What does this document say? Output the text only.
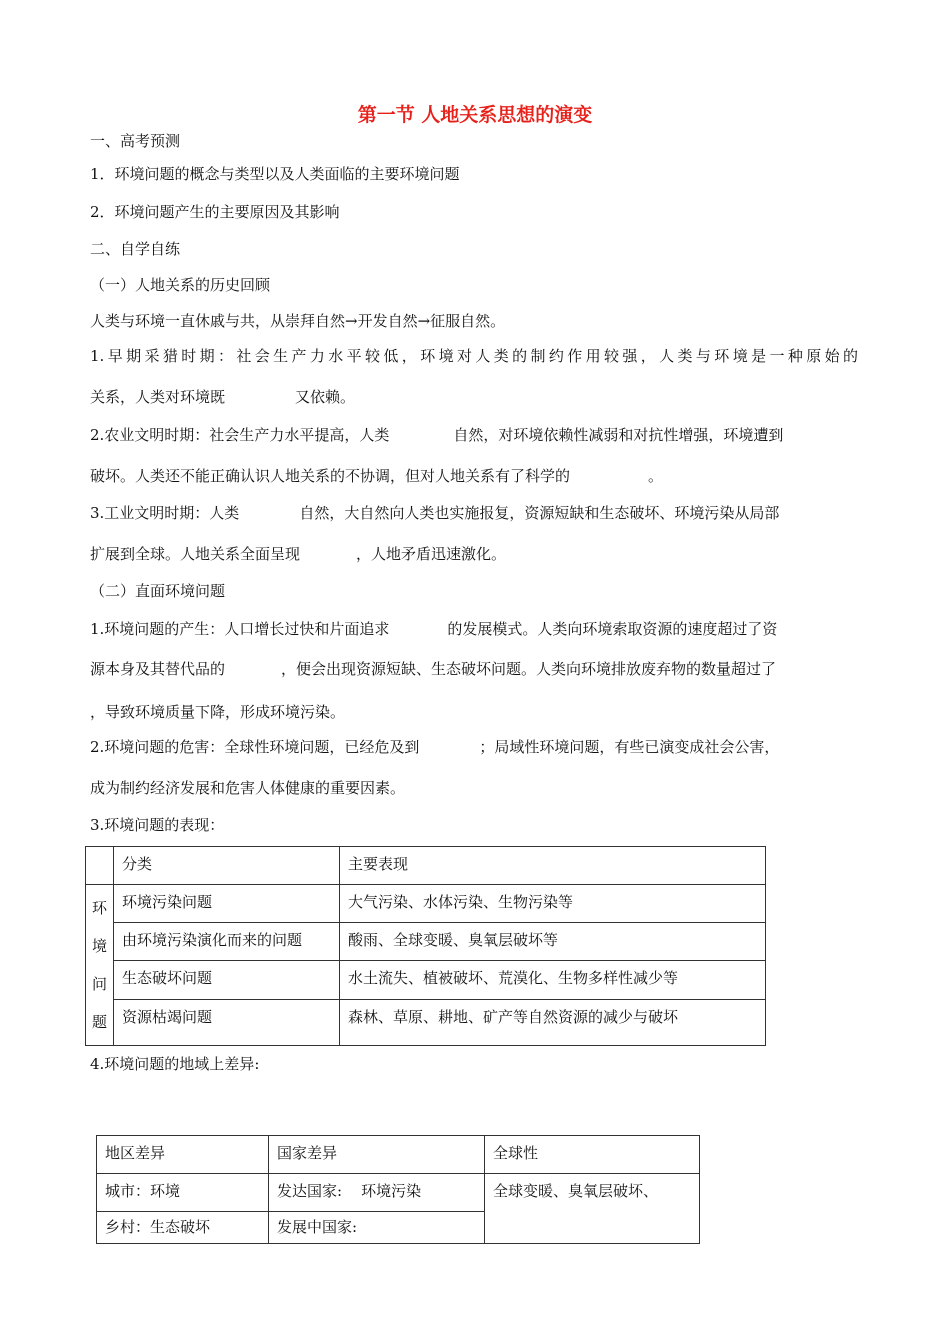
第一节 人地关系思想的演变
一、高考预测
1．环境问题的概念与类型以及人类面临的主要环境问题
2．环境问题产生的主要原因及其影响
二、自学自练
（一）人地关系的历史回顾
人类与环境一直休戚与共，从崇拜自然→开发自然→征服自然。
1.早期采猎时期：社会生产力水平较低，环境对人类的制约作用较强，人类与环境是一种原始的
关系，人类对环境既	又依赖。
2.农业文明时期：社会生产力水平提高，人类	自然，对环境依赖性减弱和对抗性增强，环境遭到
破坏。人类还不能正确认识人地关系的不协调，但对人地关系有了科学的	。
3.工业文明时期：人类	自然，大自然向人类也实施报复，资源短缺和生态破坏、环境污染从局部
扩展到全球。人地关系全面呈现	，人地矛盾迅速激化。
（二）直面环境问题
1.环境问题的产生：人口增长过快和片面追求	的发展模式。人类向环境索取资源的速度超过了资
源本身及其替代品的	，便会出现资源短缺、生态破坏问题。人类向环境排放废弃物的数量超过了
，导致环境质量下降，形成环境污染。
2.环境问题的危害：全球性环境问题，已经危及到	；局域性环境问题，有些已演变成社会公害，
成为制约经济发展和危害人体健康的重要因素。
3.环境问题的表现：
	分类	主要表现

环
境
问
题	环境污染问题	大气污染、水体污染、生物污染等
	由环境污染演化而来的问题	酸雨、全球变暖、臭氧层破坏等
	生态破坏问题	水土流失、植被破坏、荒漠化、生物多样性减少等
	资源枯竭问题	森林、草原、耕地、矿产等自然资源的减少与破坏
4.环境问题的地域上差异:
地区差异	国家差异	全球性
城市：环境	发达国家:    环境污染	全球变暖、臭氧层破坏、
乡村：生态破坏	发展中国家:	
